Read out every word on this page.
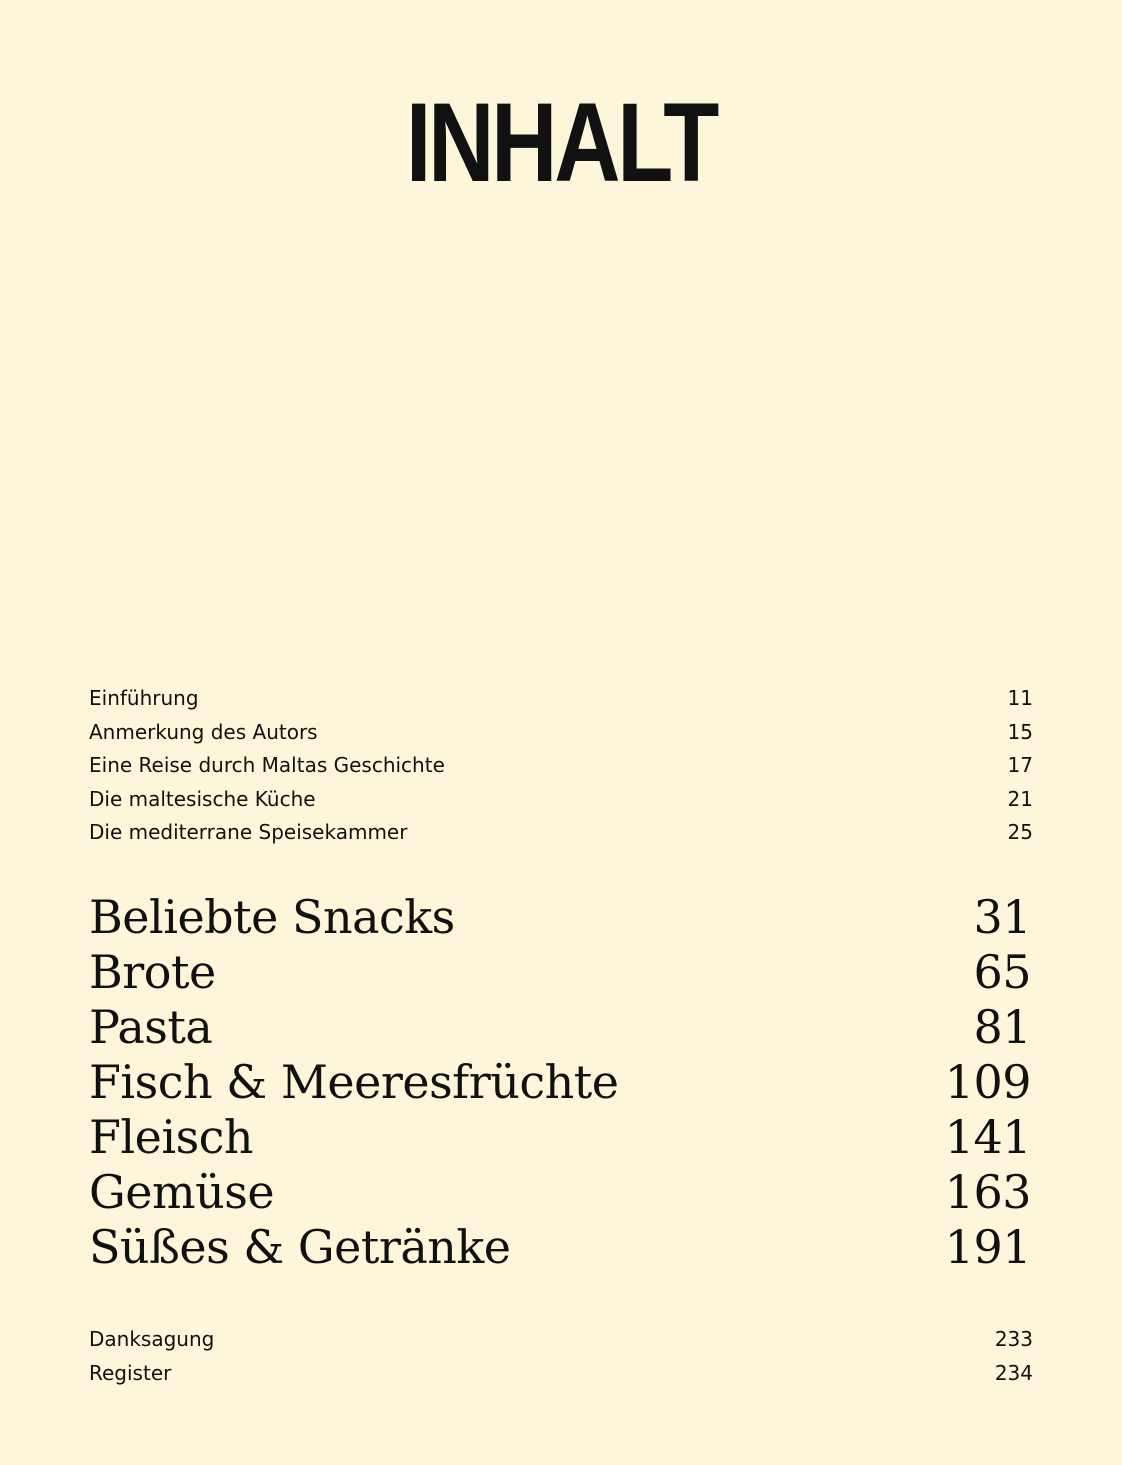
INHALT
Einführung	11
Anmerkung des Autors	15
Eine Reise durch Maltas Geschichte	17
Die maltesische Küche	21
Die mediterrane Speisekammer	25
Beliebte Snacks	31
Brote	65
Pasta	81
Fisch & Meeresfrüchte	109
Fleisch	141
Gemüse	163
Süßes & Getränke	191
Danksagung	233
Register	234
